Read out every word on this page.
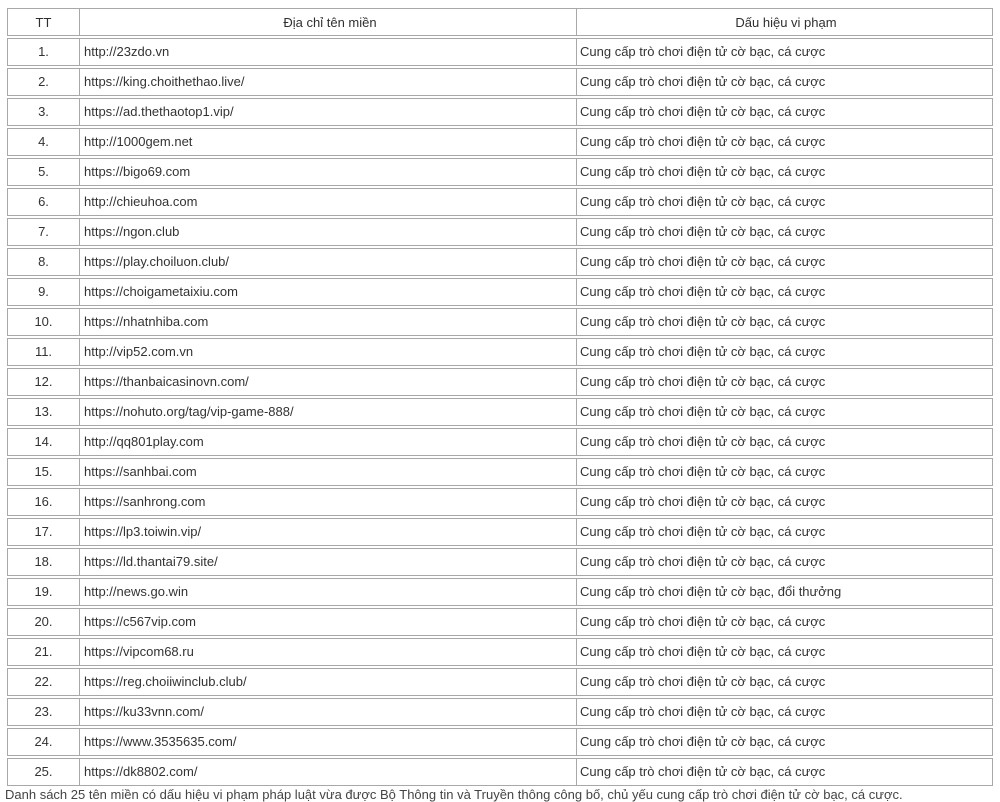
TT	Địa chỉ tên miền	Dấu hiệu vi phạm
1.	http://23zdo.vn	Cung cấp trò chơi điện tử cờ bạc, cá cược
2.	https://king.choithethao.live/	Cung cấp trò chơi điện tử cờ bạc, cá cược
3.	https://ad.thethaotop1.vip/	Cung cấp trò chơi điện tử cờ bạc, cá cược
4.	http://1000gem.net	Cung cấp trò chơi điện tử cờ bạc, cá cược
5.	https://bigo69.com	Cung cấp trò chơi điện tử cờ bạc, cá cược
6.	http://chieuhoa.com	Cung cấp trò chơi điện tử cờ bạc, cá cược
7.	https://ngon.club	Cung cấp trò chơi điện tử cờ bạc, cá cược
8.	https://play.choiluon.club/	Cung cấp trò chơi điện tử cờ bạc, cá cược
9.	https://choigametaixiu.com	Cung cấp trò chơi điện tử cờ bạc, cá cược
10.	https://nhatnhiba.com	Cung cấp trò chơi điện tử cờ bạc, cá cược
11.	http://vip52.com.vn	Cung cấp trò chơi điện tử cờ bạc, cá cược
12.	https://thanbaicasinovn.com/	Cung cấp trò chơi điện tử cờ bạc, cá cược
13.	https://nohuto.org/tag/vip-game-888/	Cung cấp trò chơi điện tử cờ bạc, cá cược
14.	http://qq801play.com	Cung cấp trò chơi điện tử cờ bạc, cá cược
15.	https://sanhbai.com	Cung cấp trò chơi điện tử cờ bạc, cá cược
16.	https://sanhrong.com	Cung cấp trò chơi điện tử cờ bạc, cá cược
17.	https://lp3.toiwin.vip/	Cung cấp trò chơi điện tử cờ bạc, cá cược
18.	https://ld.thantai79.site/	Cung cấp trò chơi điện tử cờ bạc, cá cược
19.	http://news.go.win	Cung cấp trò chơi điện tử cờ bạc, đổi thưởng
20.	https://c567vip.com	Cung cấp trò chơi điện tử cờ bạc, cá cược
21.	https://vipcom68.ru	Cung cấp trò chơi điện tử cờ bạc, cá cược
22.	https://reg.choiiwinclub.club/	Cung cấp trò chơi điện tử cờ bạc, cá cược
23.	https://ku33vnn.com/	Cung cấp trò chơi điện tử cờ bạc, cá cược
24.	https://www.3535635.com/	Cung cấp trò chơi điện tử cờ bạc, cá cược
25.	https://dk8802.com/	Cung cấp trò chơi điện tử cờ bạc, cá cược
Danh sách 25 tên miền có dấu hiệu vi phạm pháp luật vừa được Bộ Thông tin và Truyền thông công bố, chủ yếu cung cấp trò chơi điện tử cờ bạc, cá cược.
